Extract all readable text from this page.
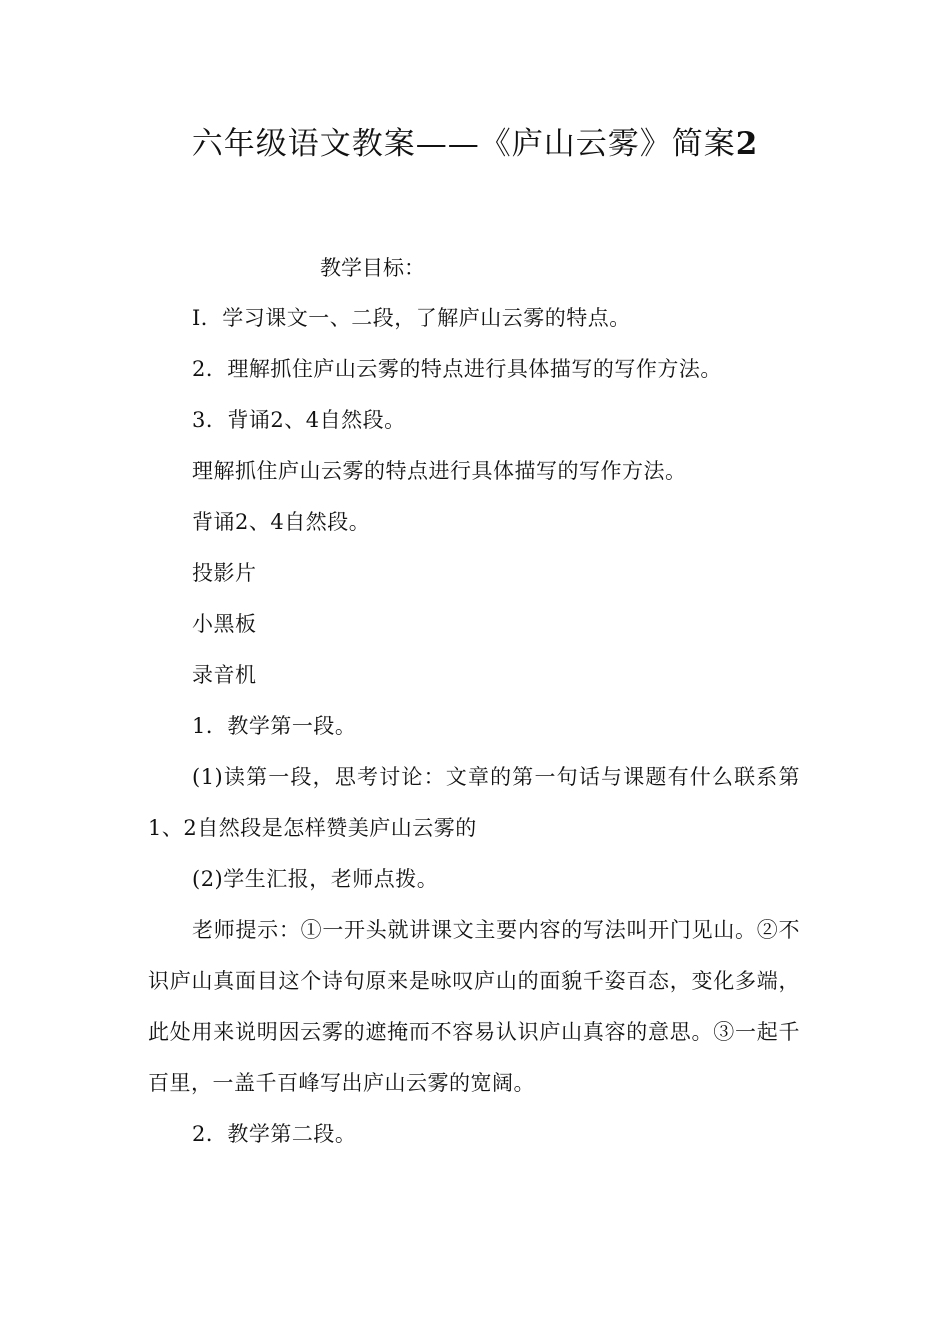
六年级语文教案——《庐山云雾》简案2

教学目标：

I．学习课文一、二段，了解庐山云雾的特点。

2．理解抓住庐山云雾的特点进行具体描写的写作方法。

3．背诵2、4自然段。

理解抓住庐山云雾的特点进行具体描写的写作方法。

背诵2、4自然段。

投影片

小黑板

录音机

1．教学第一段。

(1)读第一段，思考讨论：文章的第一句话与课题有什么联系第1、2自然段是怎样赞美庐山云雾的

(2)学生汇报，老师点拨。

老师提示：①一开头就讲课文主要内容的写法叫开门见山。②不识庐山真面目这个诗句原来是咏叹庐山的面貌千姿百态，变化多端，此处用来说明因云雾的遮掩而不容易认识庐山真容的意思。③一起千百里，一盖千百峰写出庐山云雾的宽阔。

2．教学第二段。
